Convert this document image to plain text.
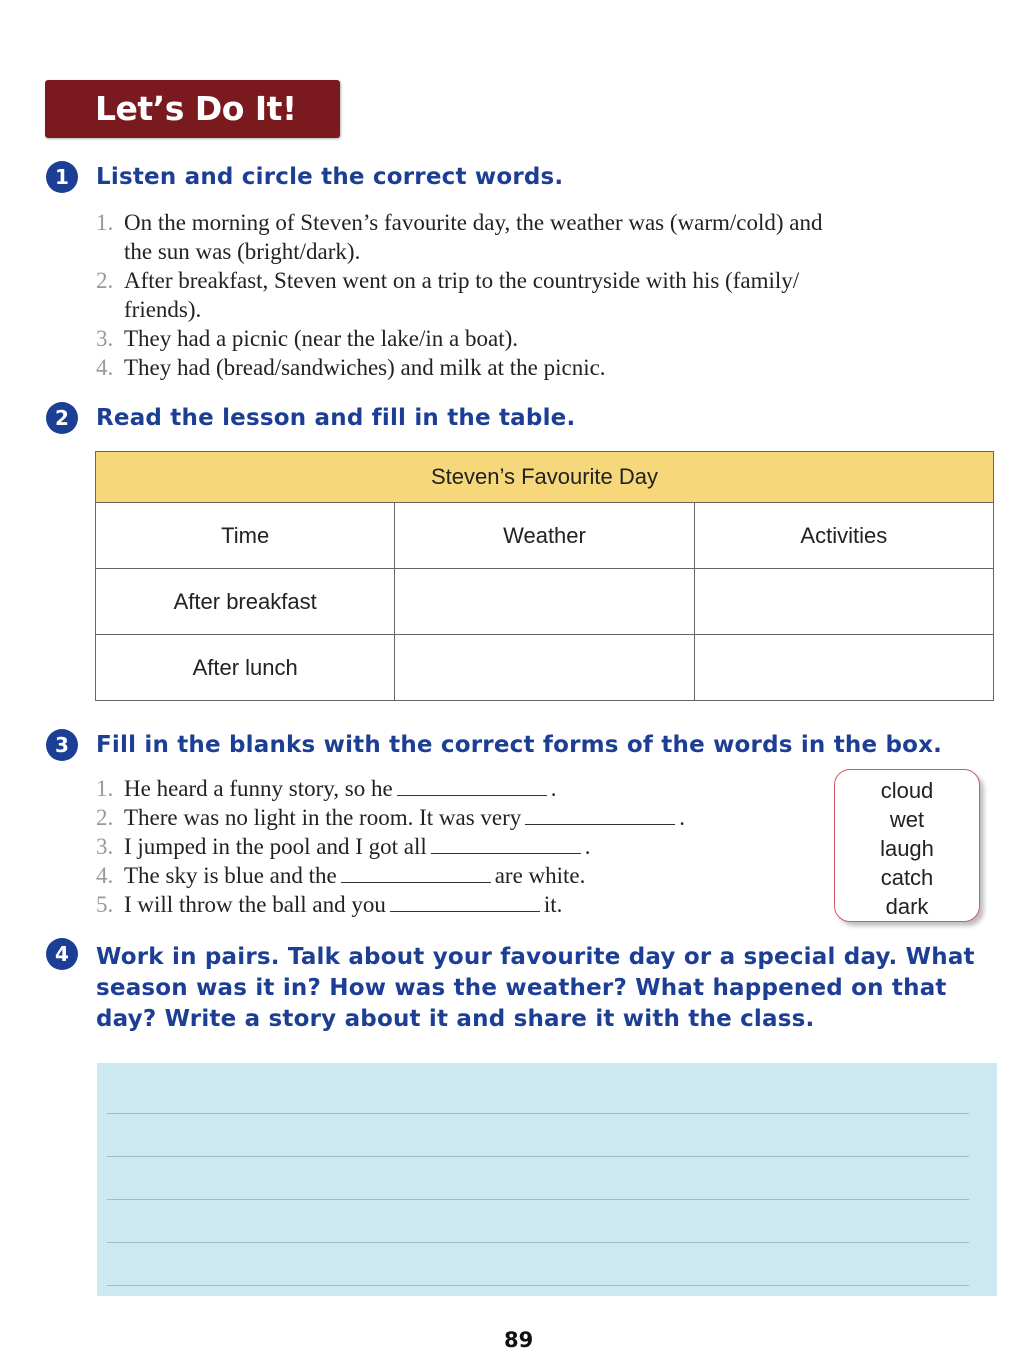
Let’s Do It!
1	Listen and circle the correct words.
1. On the morning of Steven’s favourite day, the weather was (warm/cold) and
the sun was (bright/dark).
2. After breakfast, Steven went on a trip to the countryside with his (family/
friends).
3. They had a picnic (near the lake/in a boat).
4. They had (bread/sandwiches) and milk at the picnic.
2	Read the lesson and fill in the table.
Steven’s Favourite Day		
Time	Weather	Activities
After breakfast		
After lunch		
3	Fill in the blanks with the correct forms of the words in the box.
1. He heard a funny story, so he	.
2. There was no light in the room. It was very	.
3. I jumped in the pool and I got all	.
4. The sky is blue and the	are white.
5. I will throw the ball and you	it.
cloud
wet
laugh
catch
dark
4	Work in pairs. Talk about your favourite day or a special day. What
season was it in? How was the weather? What happened on that
day? Write a story about it and share it with the class.
89
